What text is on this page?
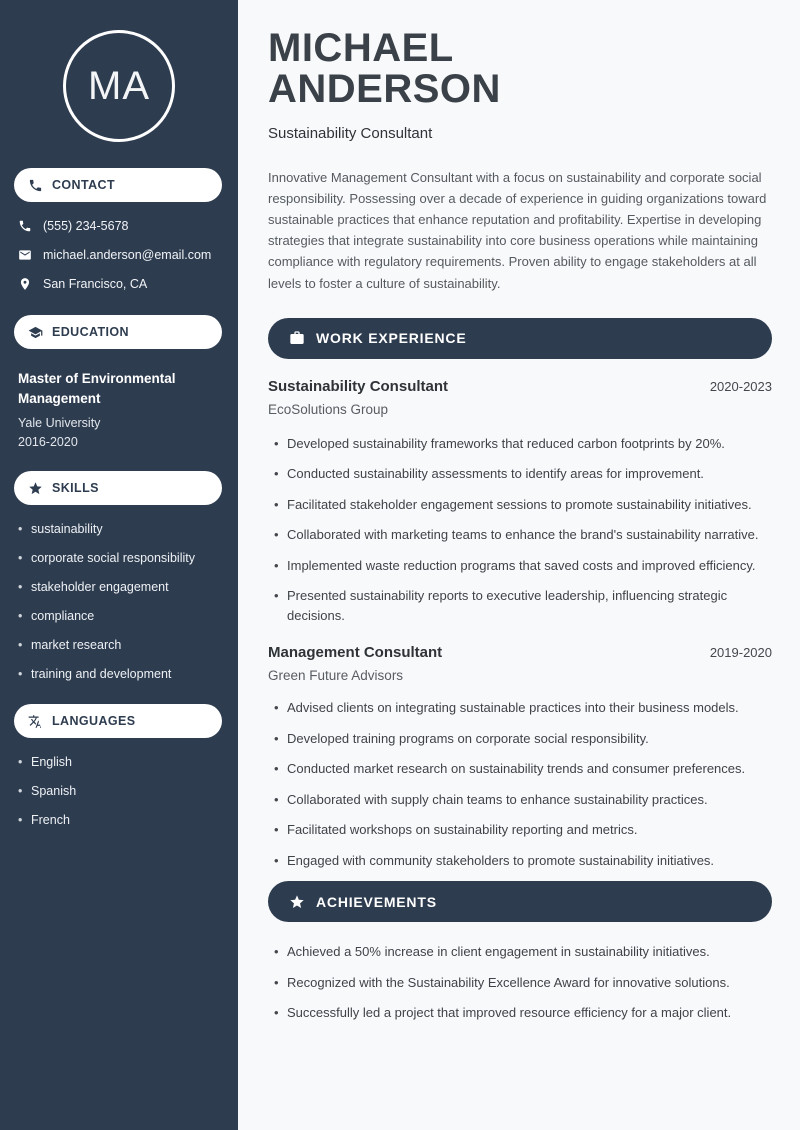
MA
CONTACT
(555) 234-5678
michael.anderson@email.com
San Francisco, CA
EDUCATION
Master of Environmental Management
Yale University
2016-2020
SKILLS
• sustainability
• corporate social responsibility
• stakeholder engagement
• compliance
• market research
• training and development
LANGUAGES
• English
• Spanish
• French
MICHAEL
ANDERSON
Sustainability Consultant

Innovative Management Consultant with a focus on sustainability and corporate social responsibility. Possessing over a decade of experience in guiding organizations toward sustainable practices that enhance reputation and profitability. Expertise in developing strategies that integrate sustainability into core business operations while maintaining compliance with regulatory requirements. Proven ability to engage stakeholders at all levels to foster a culture of sustainability.

WORK EXPERIENCE
Sustainability Consultant	2020-2023
EcoSolutions Group
• Developed sustainability frameworks that reduced carbon footprints by 20%.
• Conducted sustainability assessments to identify areas for improvement.
• Facilitated stakeholder engagement sessions to promote sustainability initiatives.
• Collaborated with marketing teams to enhance the brand's sustainability narrative.
• Implemented waste reduction programs that saved costs and improved efficiency.
• Presented sustainability reports to executive leadership, influencing strategic decisions.
Management Consultant	2019-2020
Green Future Advisors
• Advised clients on integrating sustainable practices into their business models.
• Developed training programs on corporate social responsibility.
• Conducted market research on sustainability trends and consumer preferences.
• Collaborated with supply chain teams to enhance sustainability practices.
• Facilitated workshops on sustainability reporting and metrics.
• Engaged with community stakeholders to promote sustainability initiatives.
ACHIEVEMENTS
• Achieved a 50% increase in client engagement in sustainability initiatives.
• Recognized with the Sustainability Excellence Award for innovative solutions.
• Successfully led a project that improved resource efficiency for a major client.
